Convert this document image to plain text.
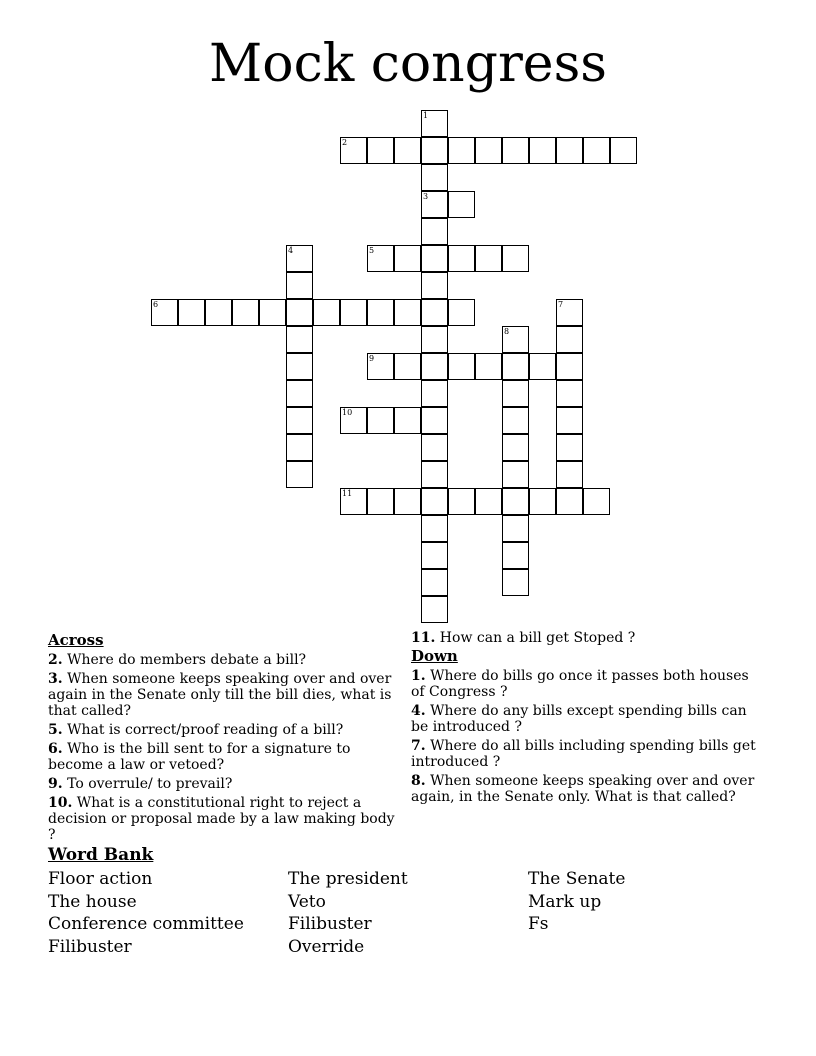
Mock congress
1
3
2
4	5
6	7
8
9
10
11
Across
2. Where do members debate a bill?
3. When someone keeps speaking over and over again in the Senate only till the bill dies, what is that called?
5. What is correct/proof reading of a bill?
6. Who is the bill sent to for a signature to become a law or vetoed?
9. To overrule/ to prevail?
10. What is a constitutional right to reject a decision or proposal made by a law making body ?
11. How can a bill get Stoped ?
Down
1. Where do bills go once it passes both houses of Congress ?
4. Where do any bills except spending bills can be introduced ?
7. Where do all bills including spending bills get introduced ?
8. When someone keeps speaking over and over again, in the Senate only. What is that called?
Word Bank
Floor action
The house
Conference committee
Filibuster
The president
Veto
Filibuster
Override
The Senate
Mark up
Fs
